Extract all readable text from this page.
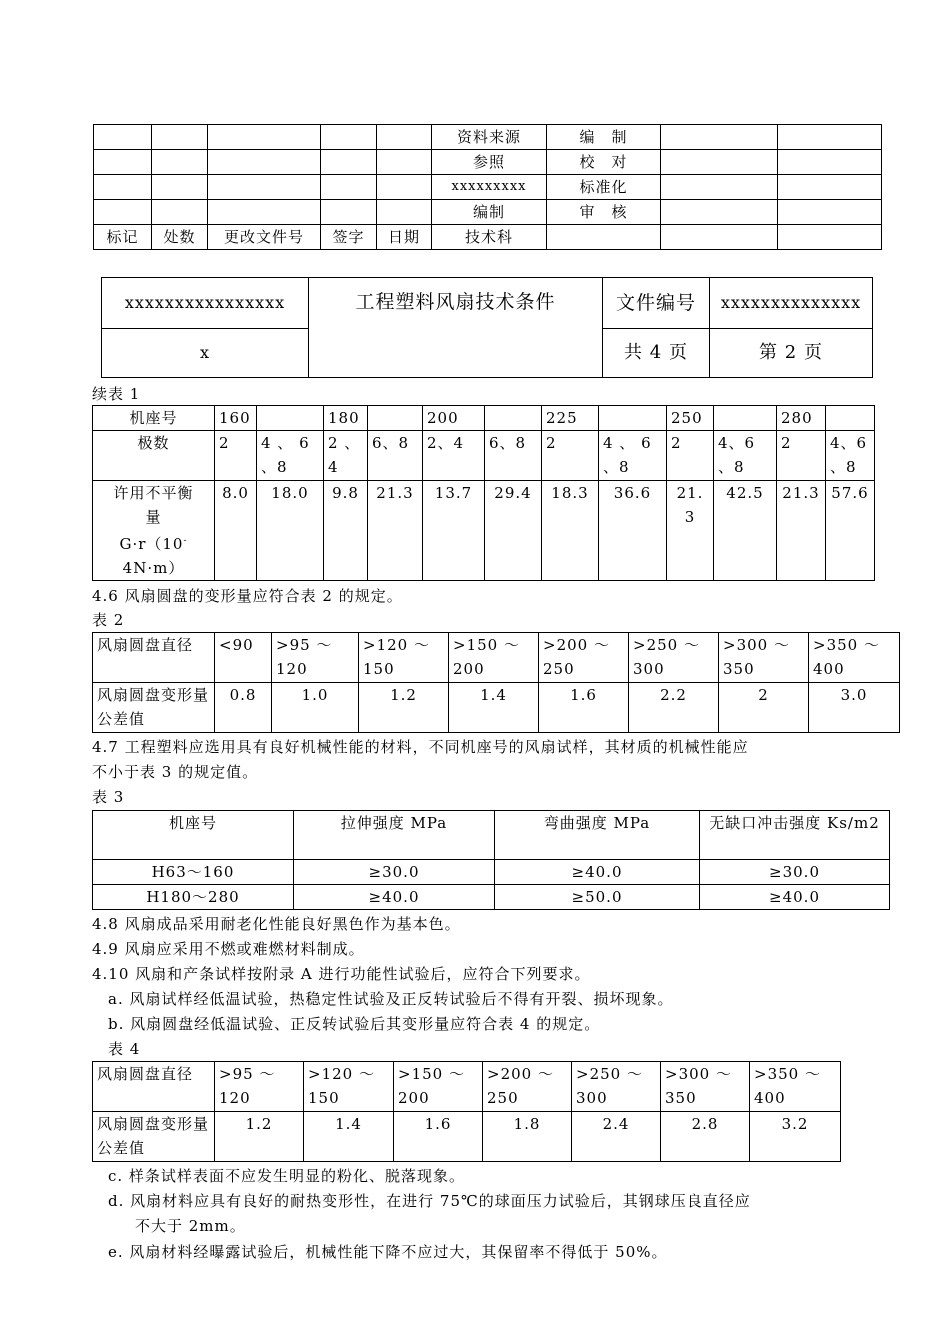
					资料来源	编　制		
					参照	校　对		
					xxxxxxxxx	标准化		
					编制	审　核		
标记	处数	更改文件号	签字	日期	技术科			
xxxxxxxxxxxxxxxx	工程塑料风扇技术条件	文件编号	xxxxxxxxxxxxxx
x		共 4 页	第 2 页
续表 1
机座号	160		180		200		225		250		280	
极数	2	4 、 6 、8	2 、 4	6、8	2、4	6、8	2	4 、 6 、8	2	4、6 、8	2	4、6 、8

许用不平衡
量
G·r（10-
4N·m）	8.0	18.0	9.8	21.3	13.7	29.4	18.3	36.6	21. 3	42.5	21.3	57.6
4.6 风扇圆盘的变形量应符合表 2 的规定。
表 2
风扇圆盘直径	<90	>95 ～ 120	>120 ～ 150	>150 ～ 200	>200 ～ 250	>250 ～ 300	>300 ～ 350	>350 ～ 400
风扇圆盘变形量公差值	0.8	1.0	1.2	1.4	1.6	2.2	2	3.0
4.7 工程塑料应选用具有良好机械性能的材料，不同机座号的风扇试样，其材质的机械性能应
不小于表 3 的规定值。
表 3
机座号	拉伸强度 MPa	弯曲强度 MPa	无缺口冲击强度 Ks/m2
H63～160	≥30.0	≥40.0	≥30.0
H180～280	≥40.0	≥50.0	≥40.0
4.8 风扇成品采用耐老化性能良好黑色作为基本色。
4.9 风扇应采用不燃或难燃材料制成。
4.10 风扇和产条试样按附录 A 进行功能性试验后，应符合下列要求。
a. 风扇试样经低温试验，热稳定性试验及正反转试验后不得有开裂、损坏现象。
b. 风扇圆盘经低温试验、正反转试验后其变形量应符合表 4 的规定。
表 4
风扇圆盘直径	>95 ～ 120	>120 ～ 150	>150 ～ 200	>200 ～ 250	>250 ～ 300	>300 ～ 350	>350 ～ 400
风扇圆盘变形量公差值	1.2	1.4	1.6	1.8	2.4	2.8	3.2
c. 样条试样表面不应发生明显的粉化、脱落现象。
d. 风扇材料应具有良好的耐热变形性，在进行 75℃的球面压力试验后，其钢球压良直径应
不大于 2mm。
e. 风扇材料经曝露试验后，机械性能下降不应过大，其保留率不得低于 50%。
